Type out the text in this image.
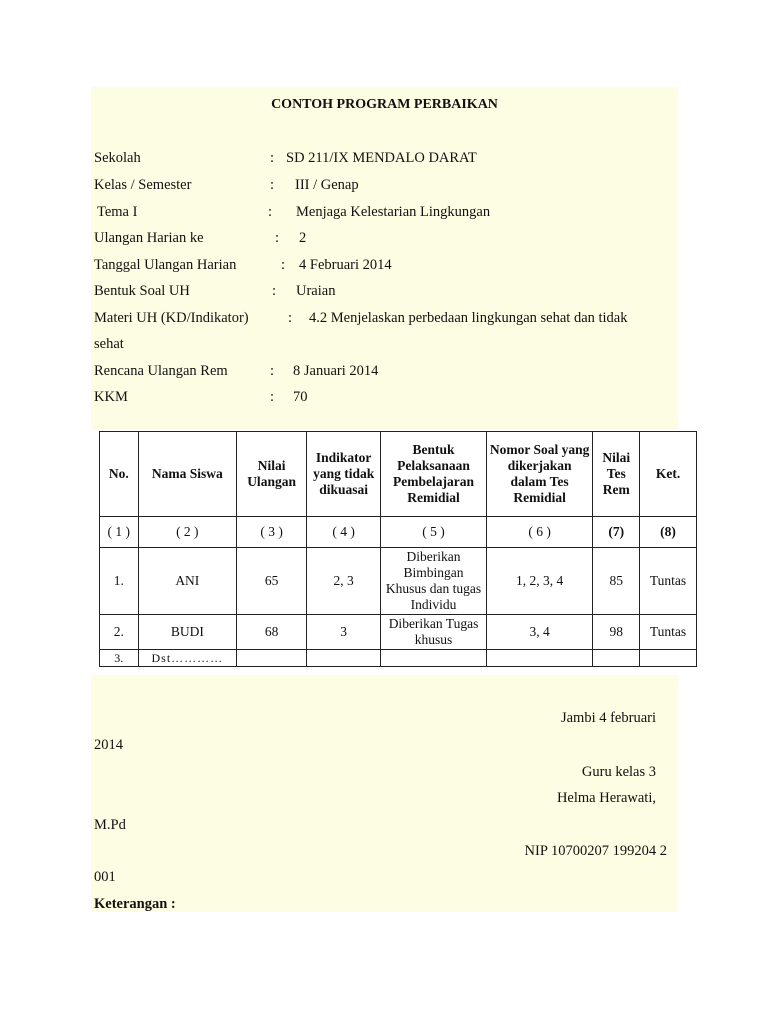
CONTOH PROGRAM PERBAIKAN
Sekolah	: SD 211/IX MENDALO DARAT
Kelas / Semester	: III / Genap
Tema I	: Menjaga Kelestarian Lingkungan
Ulangan Harian ke	: 2
Tanggal Ulangan Harian	: 4 Februari 2014
Bentuk Soal UH	: Uraian
Materi UH (KD/Indikator)	: 4.2 Menjelaskan perbedaan lingkungan sehat dan tidak
sehat
Rencana Ulangan Rem	: 8 Januari 2014
KKM	: 70
No.	Nama Siswa	Nilai Ulangan	Indikator yang tidak dikuasai	Bentuk Pelaksanaan Pembelajaran Remidial	Nomor Soal yang dikerjakan dalam Tes Remidial	Nilai Tes Rem	Ket.
( 1 )	( 2 )	( 3 )	( 4 )	( 5 )	( 6 )	(7)	(8)
1.	ANI	65	2, 3	Diberikan Bimbingan Khusus dan tugas Individu	1, 2, 3, 4	85	Tuntas
2.	BUDI	68	3	Diberikan Tugas khusus	3, 4	98	Tuntas
3.	Dst…………						
Jambi 4 februari
2014
Guru kelas 3
Helma Herawati,
M.Pd
NIP 10700207 199204 2
001
Keterangan :
